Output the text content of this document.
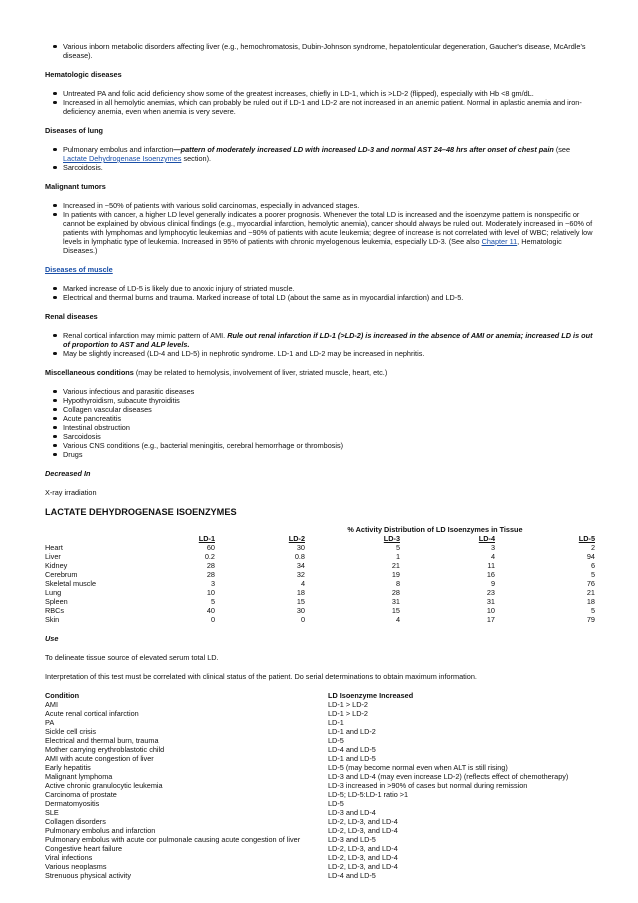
Various inborn metabolic disorders affecting liver (e.g., hemochromatosis, Dubin-Johnson syndrome, hepatolenticular degeneration, Gaucher's disease, McArdle's disease).

Hematologic diseases

Untreated PA and folic acid deficiency show some of the greatest increases, chiefly in LD-1, which is >LD-2 (flipped), especially with Hb <8 gm/dL.
Increased in all hemolytic anemias, which can probably be ruled out if LD-1 and LD-2 are not increased in an anemic patient. Normal in aplastic anemia and iron-deficiency anemia, even when anemia is very severe.

Diseases of lung

Pulmonary embolus and infarction—pattern of moderately increased LD with increased LD-3 and normal AST 24–48 hrs after onset of chest pain (see Lactate Dehydrogenase Isoenzymes section).
Sarcoidosis.

Malignant tumors

Increased in ~50% of patients with various solid carcinomas, especially in advanced stages.
In patients with cancer, a higher LD level generally indicates a poorer prognosis. Whenever the total LD is increased and the isoenzyme pattern is nonspecific or cannot be explained by obvious clinical findings (e.g., myocardial infarction, hemolytic anemia), cancer should always be ruled out. Moderately increased in ~60% of patients with lymphomas and lymphocytic leukemias and ~90% of patients with acute leukemia; degree of increase is not correlated with level of WBC; relatively low levels in lymphatic type of leukemia. Increased in 95% of patients with chronic myelogenous leukemia, especially LD-3. (See also Chapter 11, Hematologic Diseases.)

Diseases of muscle

Marked increase of LD-5 is likely due to anoxic injury of striated muscle.
Electrical and thermal burns and trauma. Marked increase of total LD (about the same as in myocardial infarction) and LD-5.

Renal diseases

Renal cortical infarction may mimic pattern of AMI. Rule out renal infarction if LD-1 (>LD-2) is increased in the absence of AMI or anemia; increased LD is out of proportion to AST and ALP levels.
May be slightly increased (LD-4 and LD-5) in nephrotic syndrome. LD-1 and LD-2 may be increased in nephritis.

Miscellaneous conditions (may be related to hemolysis, involvement of liver, striated muscle, heart, etc.)

Various infectious and parasitic diseases
Hypothyroidism, subacute thyroiditis
Collagen vascular diseases
Acute pancreatitis
Intestinal obstruction
Sarcoidosis
Various CNS conditions (e.g., bacterial meningitis, cerebral hemorrhage or thrombosis)
Drugs

Decreased In

X-ray irradiation

LACTATE DEHYDROGENASE ISOENZYMES

% Activity Distribution of LD Isoenzymes in Tissue

	LD-1	LD-2	LD-3	LD-4	LD-5
Heart	60	30	5	3	2
Liver	0.2	0.8	1	4	94
Kidney	28	34	21	11	6
Cerebrum	28	32	19	16	5
Skeletal muscle	3	4	8	9	76
Lung	10	18	28	23	21
Spleen	5	15	31	31	18
RBCs	40	30	15	10	5
Skin	0	0	4	17	79

Use

To delineate tissue source of elevated serum total LD.

Interpretation of this test must be correlated with clinical status of the patient. Do serial determinations to obtain maximum information.

Condition	LD Isoenzyme Increased
AMI	LD-1 > LD-2
Acute renal cortical infarction	LD-1 > LD-2
PA	LD-1
Sickle cell crisis	LD-1 and LD-2
Electrical and thermal burn, trauma	LD-5
Mother carrying erythroblastotic child	LD-4 and LD-5
AMI with acute congestion of liver	LD-1 and LD-5
Early hepatitis	LD-5 (may become normal even when ALT is still rising)
Malignant lymphoma	LD-3 and LD-4 (may even increase LD-2) (reflects effect of chemotherapy)
Active chronic granulocytic leukemia	LD-3 increased in >90% of cases but normal during remission
Carcinoma of prostate	LD-5; LD-5:LD-1 ratio >1
Dermatomyositis	LD-5
SLE	LD-3 and LD-4
Collagen disorders	LD-2, LD-3, and LD-4
Pulmonary embolus and infarction	LD-2, LD-3, and LD-4
Pulmonary embolus with acute cor pulmonale causing acute congestion of liver	LD-3 and LD-5
Congestive heart failure	LD-2, LD-3, and LD-4
Viral infections	LD-2, LD-3, and LD-4
Various neoplasms	LD-2, LD-3, and LD-4
Strenuous physical activity	LD-4 and LD-5
